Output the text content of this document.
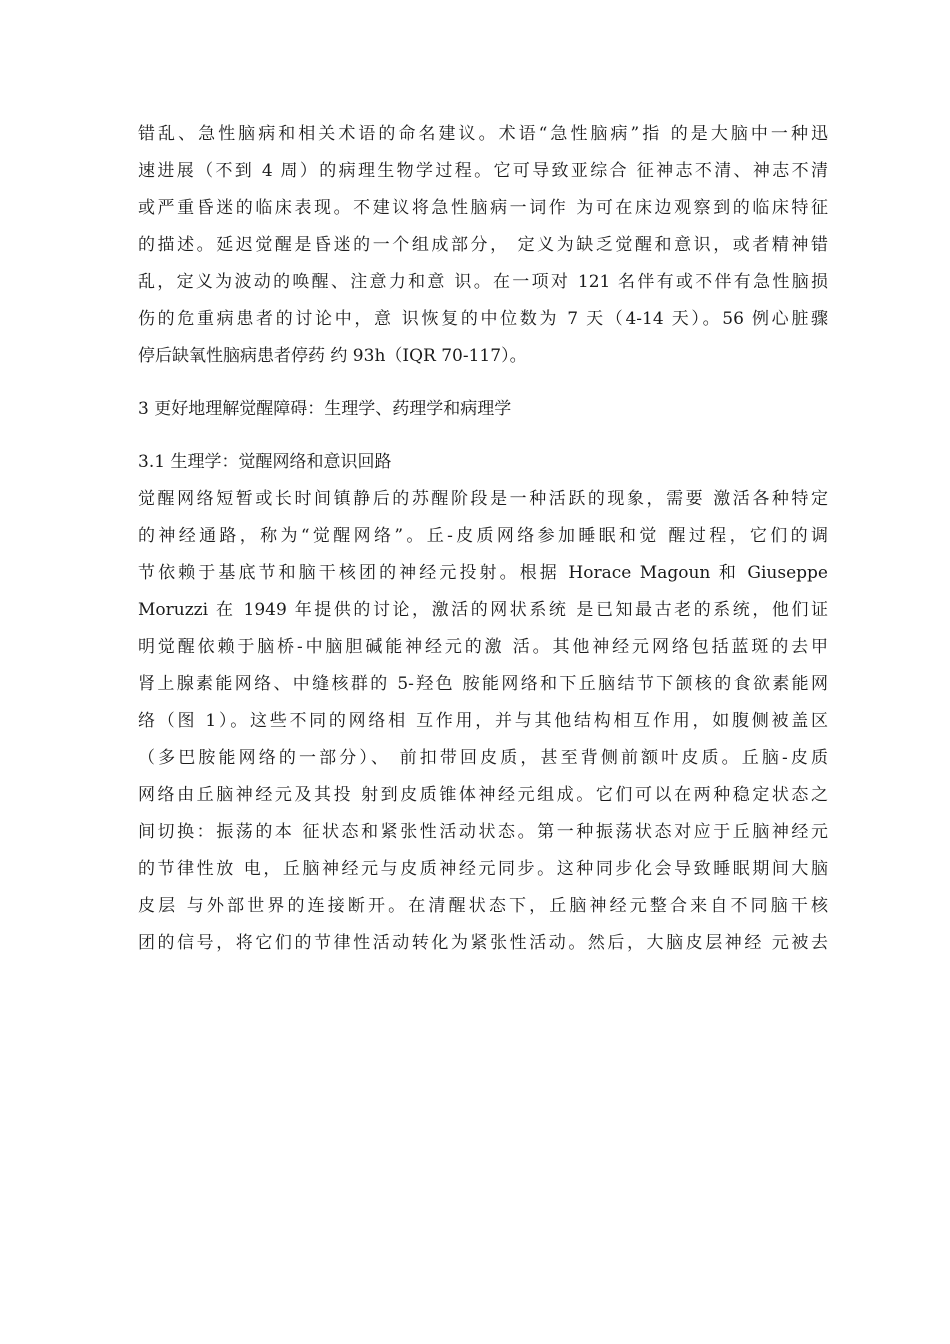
错乱、急性脑病和相关术语的命名建议。术语“急性脑病”指 的是大脑中一种迅
速进展（不到 4 周）的病理生物学过程。它可导致亚综合 征神志不清、神志不清
或严重昏迷的临床表现。不建议将急性脑病一词作 为可在床边观察到的临床特征
的描述。延迟觉醒是昏迷的一个组成部分， 定义为缺乏觉醒和意识，或者精神错
乱，定义为波动的唤醒、注意力和意 识。在一项对 121 名伴有或不伴有急性脑损
伤的危重病患者的讨论中，意 识恢复的中位数为 7 天（4-14 天）。56 例心脏骤
停后缺氧性脑病患者停药 约 93h（IQR 70-117）。
3 更好地理解觉醒障碍：生理学、药理学和病理学
3.1 生理学：觉醒网络和意识回路
觉醒网络短暂或长时间镇静后的苏醒阶段是一种活跃的现象，需要 激活各种特定
的神经通路，称为“觉醒网络”。丘-皮质网络参加睡眠和觉 醒过程，它们的调
节依赖于基底节和脑干核团的神经元投射。根据 Horace Magoun 和 Giuseppe
Moruzzi 在 1949 年提供的讨论，激活的网状系统 是已知最古老的系统，他们证
明觉醒依赖于脑桥-中脑胆碱能神经元的激 活。其他神经元网络包括蓝斑的去甲
肾上腺素能网络、中缝核群的 5-羟色 胺能网络和下丘脑结节下颌核的食欲素能网
络（图 1）。这些不同的网络相 互作用，并与其他结构相互作用，如腹侧被盖区
（多巴胺能网络的一部分）、 前扣带回皮质，甚至背侧前额叶皮质。丘脑-皮质
网络由丘脑神经元及其投 射到皮质锥体神经元组成。它们可以在两种稳定状态之
间切换：振荡的本 征状态和紧张性活动状态。第一种振荡状态对应于丘脑神经元
的节律性放 电，丘脑神经元与皮质神经元同步。这种同步化会导致睡眠期间大脑
皮层 与外部世界的连接断开。在清醒状态下，丘脑神经元整合来自不同脑干核
团的信号，将它们的节律性活动转化为紧张性活动。然后，大脑皮层神经 元被去
